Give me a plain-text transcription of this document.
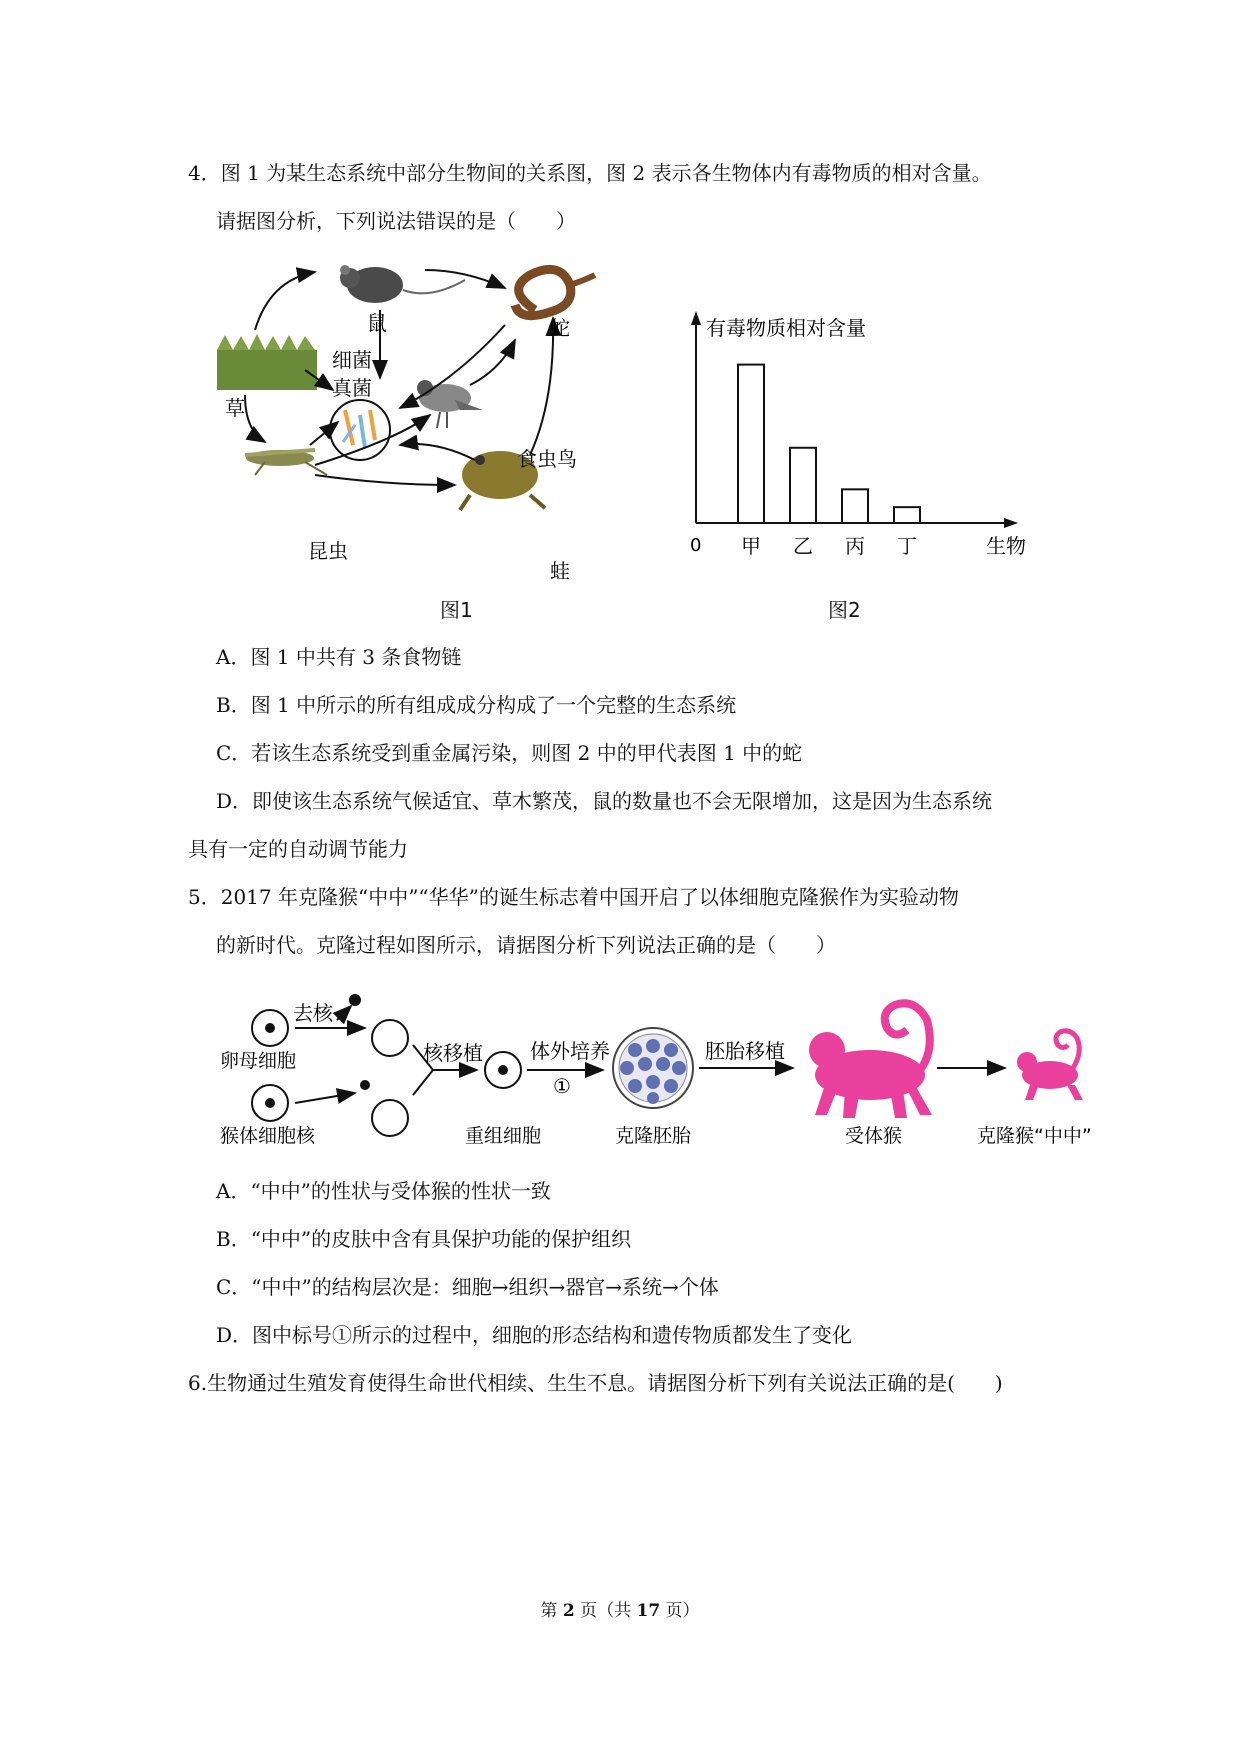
4．图 1 为某生态系统中部分生物间的关系图，图 2 表示各生物体内有毒物质的相对含量。
请据图分析，下列说法错误的是（　　）
鼠	蛇
草
细菌
真菌
食虫鸟
昆虫
蛙
有毒物质相对含量
0	生物
甲 乙 丙 丁
图1	图2
A．图 1 中共有 3 条食物链
B．图 1 中所示的所有组成成分构成了一个完整的生态系统
C．若该生态系统受到重金属污染，则图 2 中的甲代表图 1 中的蛇
D．即使该生态系统气候适宜、草木繁茂，鼠的数量也不会无限增加，这是因为生态系统
具有一定的自动调节能力
5．2017 年克隆猴“中中”“华华”的诞生标志着中国开启了以体细胞克隆猴作为实验动物
的新时代。克隆过程如图所示，请据图分析下列说法正确的是（　　）
去核
卵母细胞
猴体细胞核
核移植
重组细胞
体外培养
①
克隆胚胎
胚胎移植
受体猴	克隆猴“中中”
A．“中中”的性状与受体猴的性状一致
B．“中中”的皮肤中含有具保护功能的保护组织
C．“中中”的结构层次是：细胞→组织→器官→系统→个体
D．图中标号①所示的过程中，细胞的形态结构和遗传物质都发生了变化
6.生物通过生殖发育使得生命世代相续、生生不息。请据图分析下列有关说法正确的是(　　)
第 2 页（共 17 页）
